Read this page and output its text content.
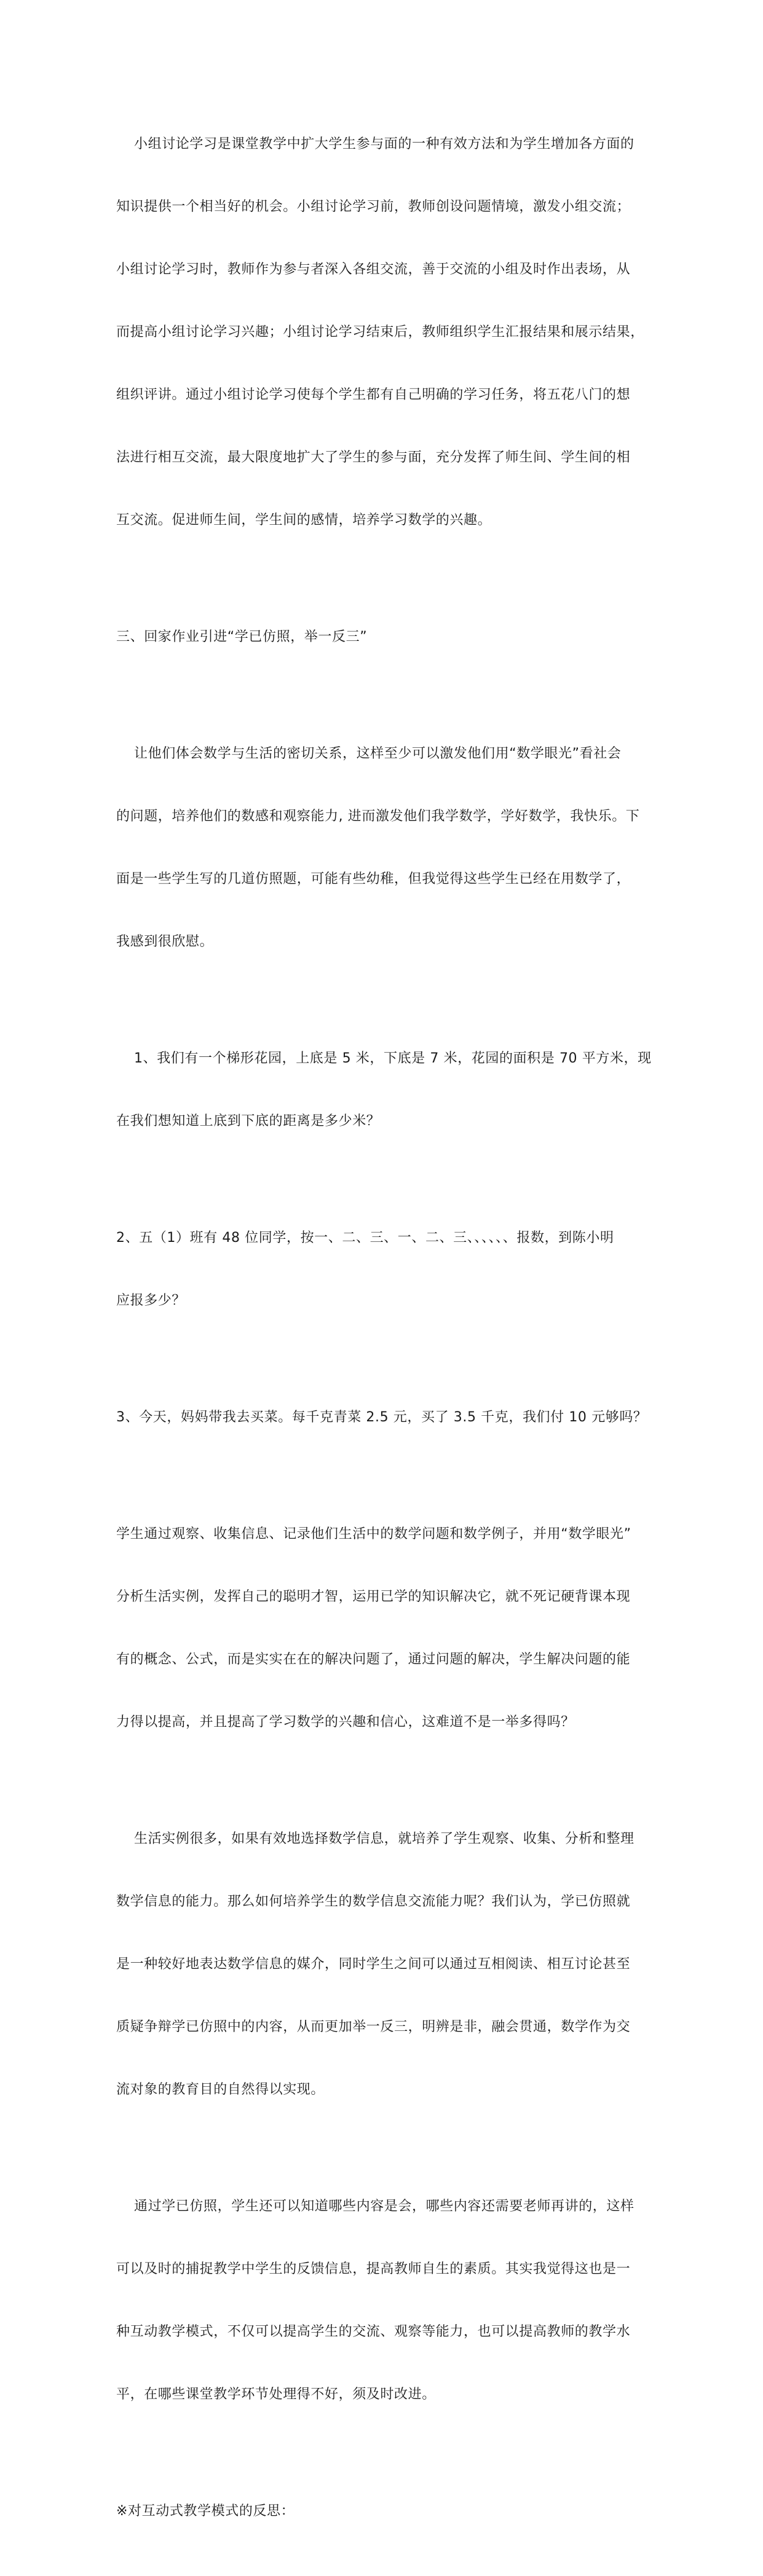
小组讨论学习是课堂教学中扩大学生参与面的一种有效方法和为学生增加各方面的

知识提供一个相当好的机会。小组讨论学习前，教师创设问题情境，激发小组交流；

小组讨论学习时，教师作为参与者深入各组交流，善于交流的小组及时作出表场，从

而提高小组讨论学习兴趣；小组讨论学习结束后，教师组织学生汇报结果和展示结果，

组织评讲。通过小组讨论学习使每个学生都有自己明确的学习任务，将五花八门的想

法进行相互交流，最大限度地扩大了学生的参与面，充分发挥了师生间、学生间的相

互交流。促进师生间，学生间的感情，培养学习数学的兴趣。

三、回家作业引进“学已仿照，举一反三”

让他们体会数学与生活的密切关系，这样至少可以激发他们用“数学眼光”看社会

的问题，培养他们的数感和观察能力, 进而激发他们我学数学，学好数学，我快乐。下

面是一些学生写的几道仿照题，可能有些幼稚，但我觉得这些学生已经在用数学了，

我感到很欣慰。

1、我们有一个梯形花园，上底是 5 米，下底是 7 米，花园的面积是 70 平方米，现

在我们想知道上底到下底的距离是多少米？

2、五（1）班有 48 位同学，按一、二、三、一、二、三、、、、、、报数，到陈小明

应报多少？

3、今天，妈妈带我去买菜。每千克青菜 2.5 元，买了 3.5 千克，我们付 10 元够吗？

学生通过观察、收集信息、记录他们生活中的数学问题和数学例子，并用“数学眼光”

分析生活实例，发挥自己的聪明才智，运用已学的知识解决它，就不死记硬背课本现

有的概念、公式，而是实实在在的解决问题了，通过问题的解决，学生解决问题的能

力得以提高，并且提高了学习数学的兴趣和信心，这难道不是一举多得吗？

生活实例很多，如果有效地选择数学信息，就培养了学生观察、收集、分析和整理

数学信息的能力。那么如何培养学生的数学信息交流能力呢？我们认为，学已仿照就

是一种较好地表达数学信息的媒介，同时学生之间可以通过互相阅读、相互讨论甚至

质疑争辩学已仿照中的内容，从而更加举一反三，明辨是非，融会贯通，数学作为交

流对象的教育目的自然得以实现。

通过学已仿照，学生还可以知道哪些内容是会，哪些内容还需要老师再讲的，这样

可以及时的捕捉教学中学生的反馈信息，提高教师自生的素质。其实我觉得这也是一

种互动教学模式，不仅可以提高学生的交流、观察等能力，也可以提高教师的教学水

平，在哪些课堂教学环节处理得不好，须及时改进。

※对互动式教学模式的反思：
